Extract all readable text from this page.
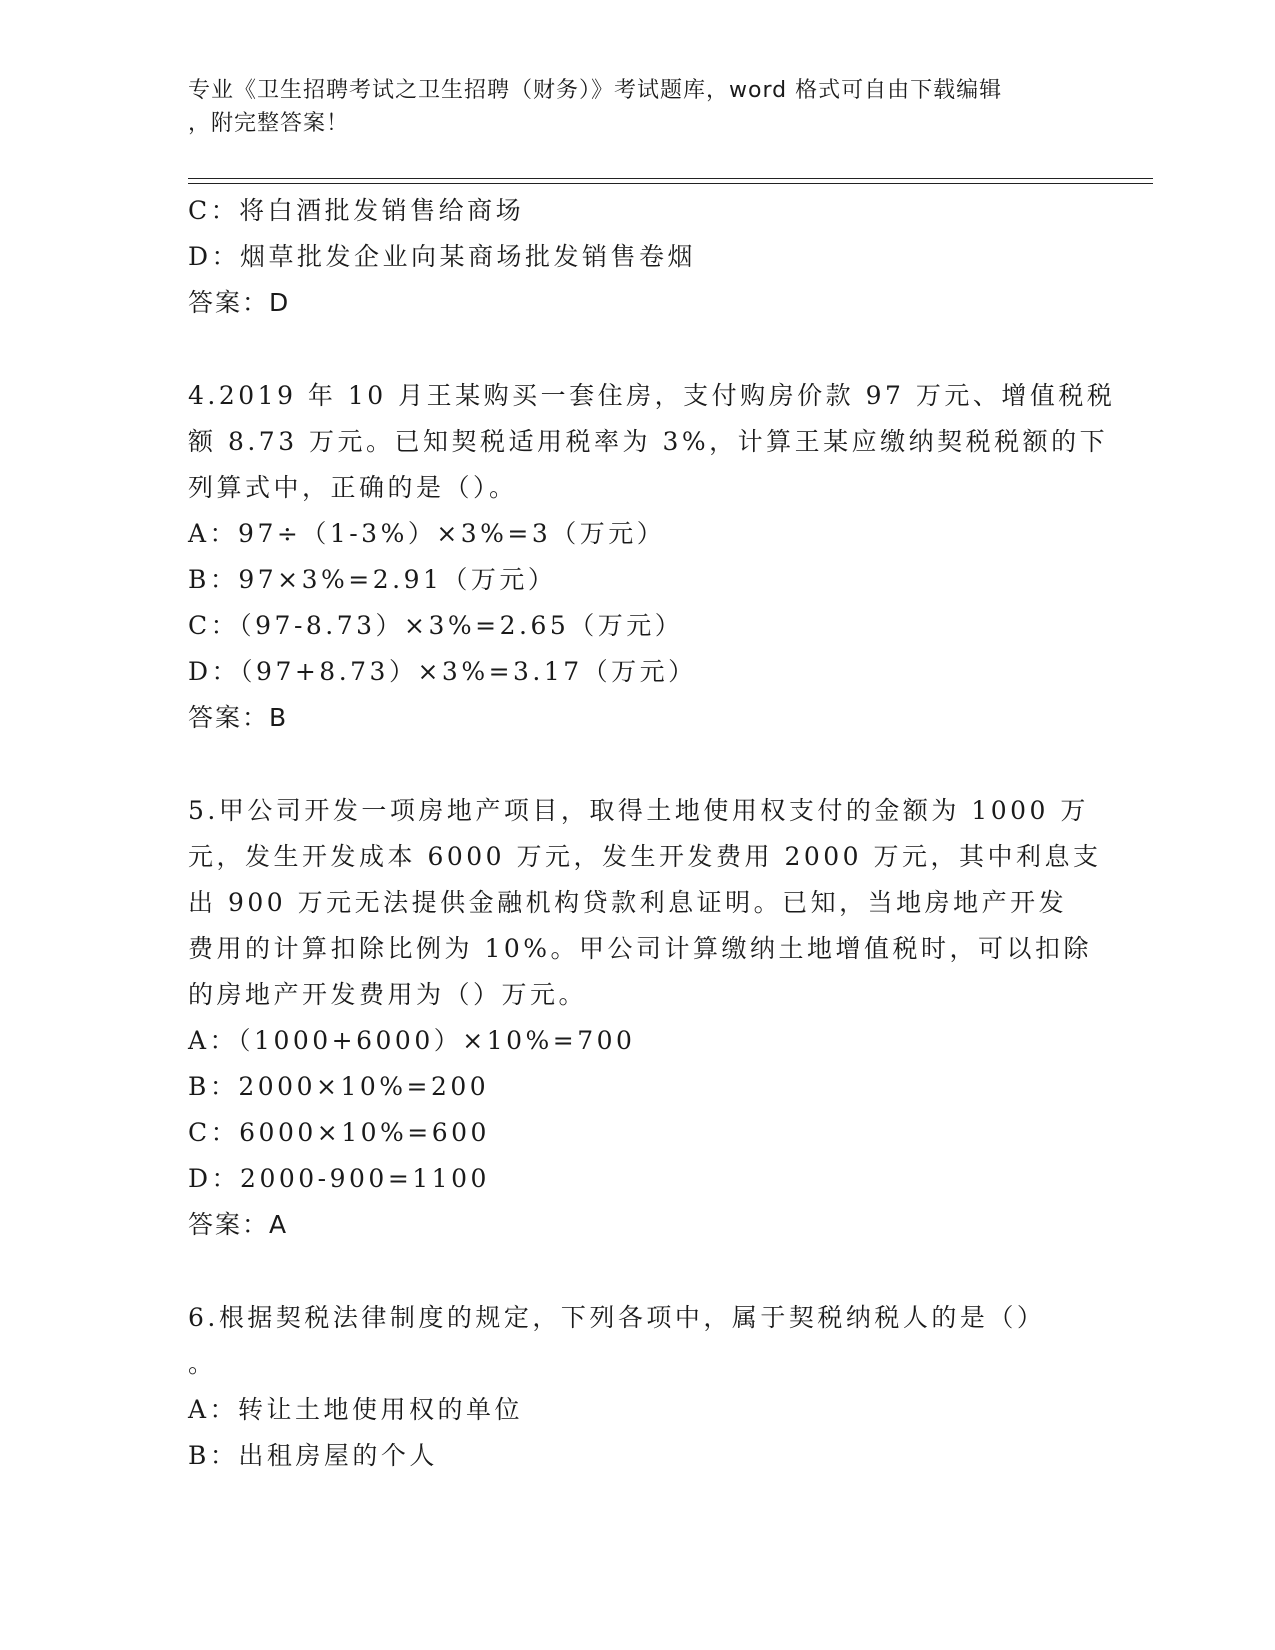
专业《卫生招聘考试之卫生招聘（财务）》考试题库，word 格式可自由下载编辑
，附完整答案！
C：将白酒批发销售给商场
D：烟草批发企业向某商场批发销售卷烟
答案：D
4.2019 年 10 月王某购买一套住房，支付购房价款 97 万元、增值税税
额 8.73 万元。已知契税适用税率为 3%，计算王某应缴纳契税税额的下
列算式中，正确的是（）。
A：97÷（1-3%）×3%=3（万元）
B：97×3%=2.91（万元）
C：（97-8.73）×3%=2.65（万元）
D：（97+8.73）×3%=3.17（万元）
答案：B
5.甲公司开发一项房地产项目，取得土地使用权支付的金额为 1000 万
元，发生开发成本 6000 万元，发生开发费用 2000 万元，其中利息支
出 900 万元无法提供金融机构贷款利息证明。已知，当地房地产开发
费用的计算扣除比例为 10%。甲公司计算缴纳土地增值税时，可以扣除
的房地产开发费用为（）万元。
A：（1000+6000）×10%=700
B：2000×10%=200
C：6000×10%=600
D：2000-900=1100
答案：A
6.根据契税法律制度的规定，下列各项中，属于契税纳税人的是（）
。
A：转让土地使用权的单位
B：出租房屋的个人
